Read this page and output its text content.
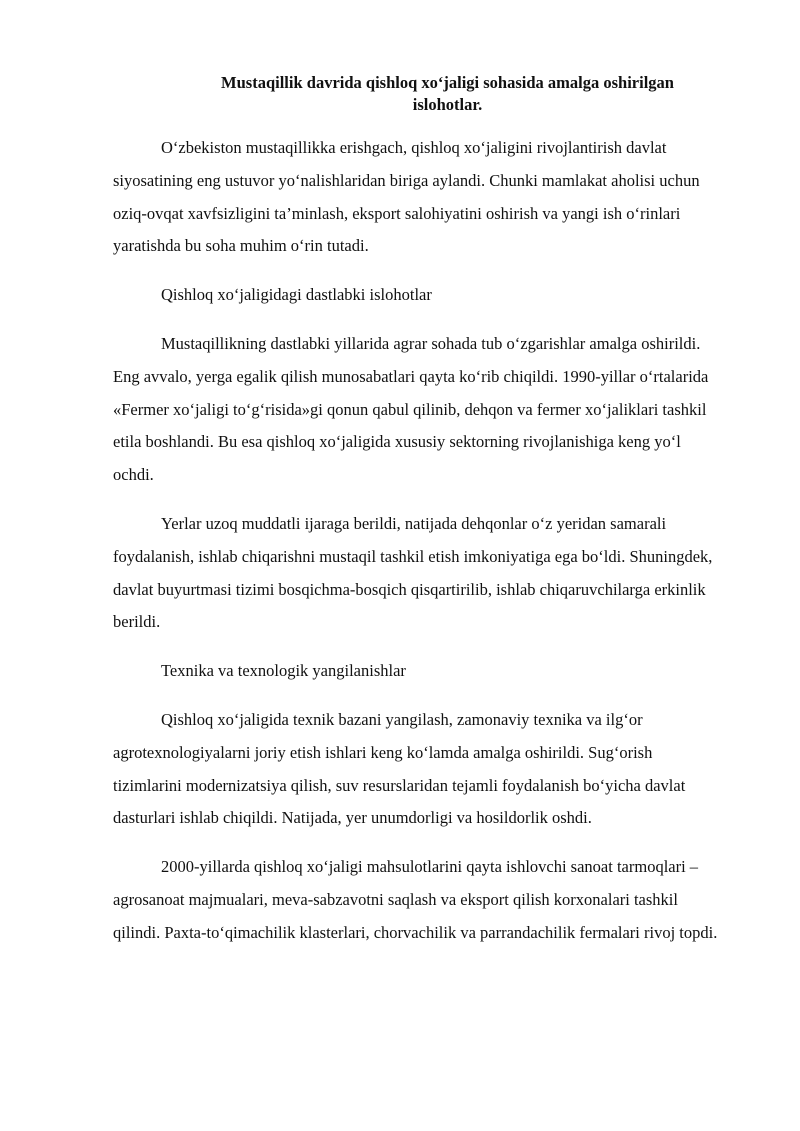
Mustaqillik davrida qishloq xo‘jaligi sohasida amalga oshirilgan
islohotlar.

O‘zbekiston mustaqillikka erishgach, qishloq xo‘jaligini rivojlantirish davlat siyosatining eng ustuvor yo‘nalishlaridan biriga aylandi. Chunki mamlakat aholisi uchun oziq-ovqat xavfsizligini ta’minlash, eksport salohiyatini oshirish va yangi ish o‘rinlari yaratishda bu soha muhim o‘rin tutadi.

Qishloq xo‘jaligidagi dastlabki islohotlar

Mustaqillikning dastlabki yillarida agrar sohada tub o‘zgarishlar amalga oshirildi. Eng avvalo, yerga egalik qilish munosabatlari qayta ko‘rib chiqildi. 1990-yillar o‘rtalarida «Fermer xo‘jaligi to‘g‘risida»gi qonun qabul qilinib, dehqon va fermer xo‘jaliklari tashkil etila boshlandi. Bu esa qishloq xo‘jaligida xususiy sektorning rivojlanishiga keng yo‘l ochdi.

Yerlar uzoq muddatli ijaraga berildi, natijada dehqonlar o‘z yeridan samarali foydalanish, ishlab chiqarishni mustaqil tashkil etish imkoniyatiga ega bo‘ldi. Shuningdek, davlat buyurtmasi tizimi bosqichma-bosqich qisqartirilib, ishlab chiqaruvchilarga erkinlik berildi.

Texnika va texnologik yangilanishlar

Qishloq xo‘jaligida texnik bazani yangilash, zamonaviy texnika va ilg‘or agrotexnologiyalarni joriy etish ishlari keng ko‘lamda amalga oshirildi. Sug‘orish tizimlarini modernizatsiya qilish, suv resurslaridan tejamli foydalanish bo‘yicha davlat dasturlari ishlab chiqildi. Natijada, yer unumdorligi va hosildorlik oshdi.

2000-yillarda qishloq xo‘jaligi mahsulotlarini qayta ishlovchi sanoat tarmoqlari – agrosanoat majmualari, meva-sabzavotni saqlash va eksport qilish korxonalari tashkil qilindi. Paxta-to‘qimachilik klasterlari, chorvachilik va parrandachilik fermalari rivoj topdi.
